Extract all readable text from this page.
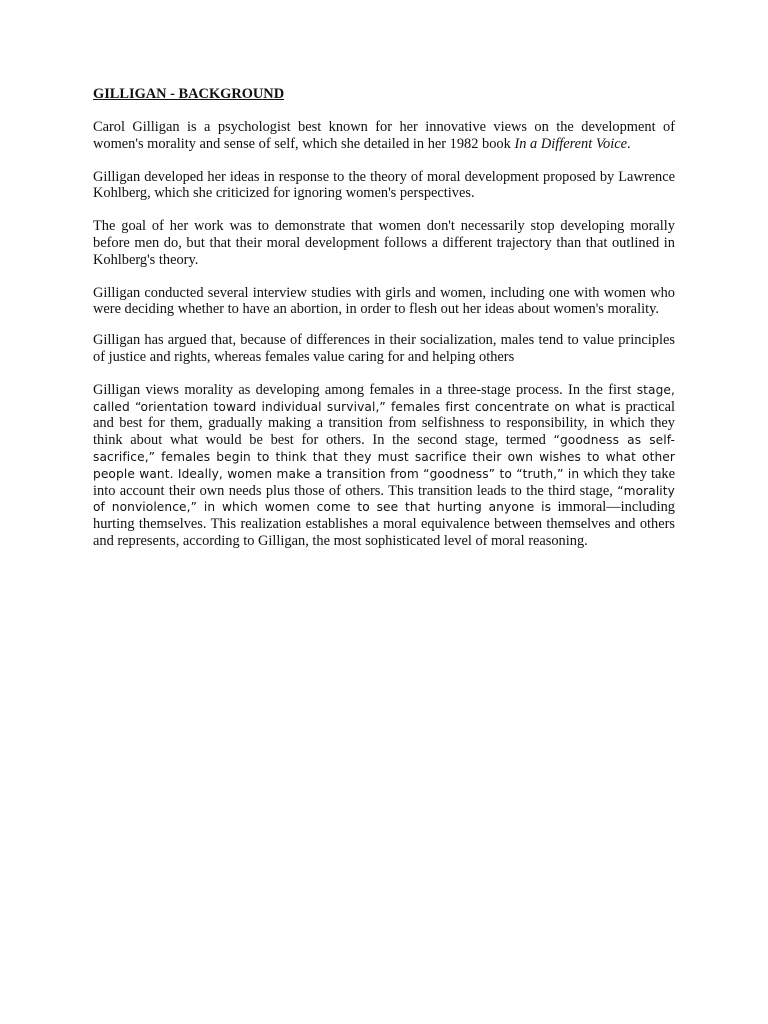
GILLIGAN - BACKGROUND

Carol Gilligan is a psychologist best known for her innovative views on the development of women's morality and sense of self, which she detailed in her 1982 book In a Different Voice.

Gilligan developed her ideas in response to the theory of moral development proposed by Lawrence Kohlberg, which she criticized for ignoring women's perspectives.

The goal of her work was to demonstrate that women don't necessarily stop developing morally before men do, but that their moral development follows a different trajectory than that outlined in Kohlberg's theory.

Gilligan conducted several interview studies with girls and women, including one with women who were deciding whether to have an abortion, in order to flesh out her ideas about women's morality.

Gilligan has argued that, because of differences in their socialization, males tend to value principles of justice and rights, whereas females value caring for and helping others

Gilligan views morality as developing among females in a three-stage process. In the first stage, called “orientation toward individual survival,” females first concentrate on what is practical and best for them, gradually making a transition from selfishness to responsibility, in which they think about what would be best for others. In the second stage, termed “goodness as self-sacrifice,” females begin to think that they must sacrifice their own wishes to what other people want. Ideally, women make a transition from “goodness” to “truth,” in which they take into account their own needs plus those of others. This transition leads to the third stage, “morality of nonviolence,” in which women come to see that hurting anyone is immoral—including hurting themselves. This realization establishes a moral equivalence between themselves and others and represents, according to Gilligan, the most sophisticated level of moral reasoning.
